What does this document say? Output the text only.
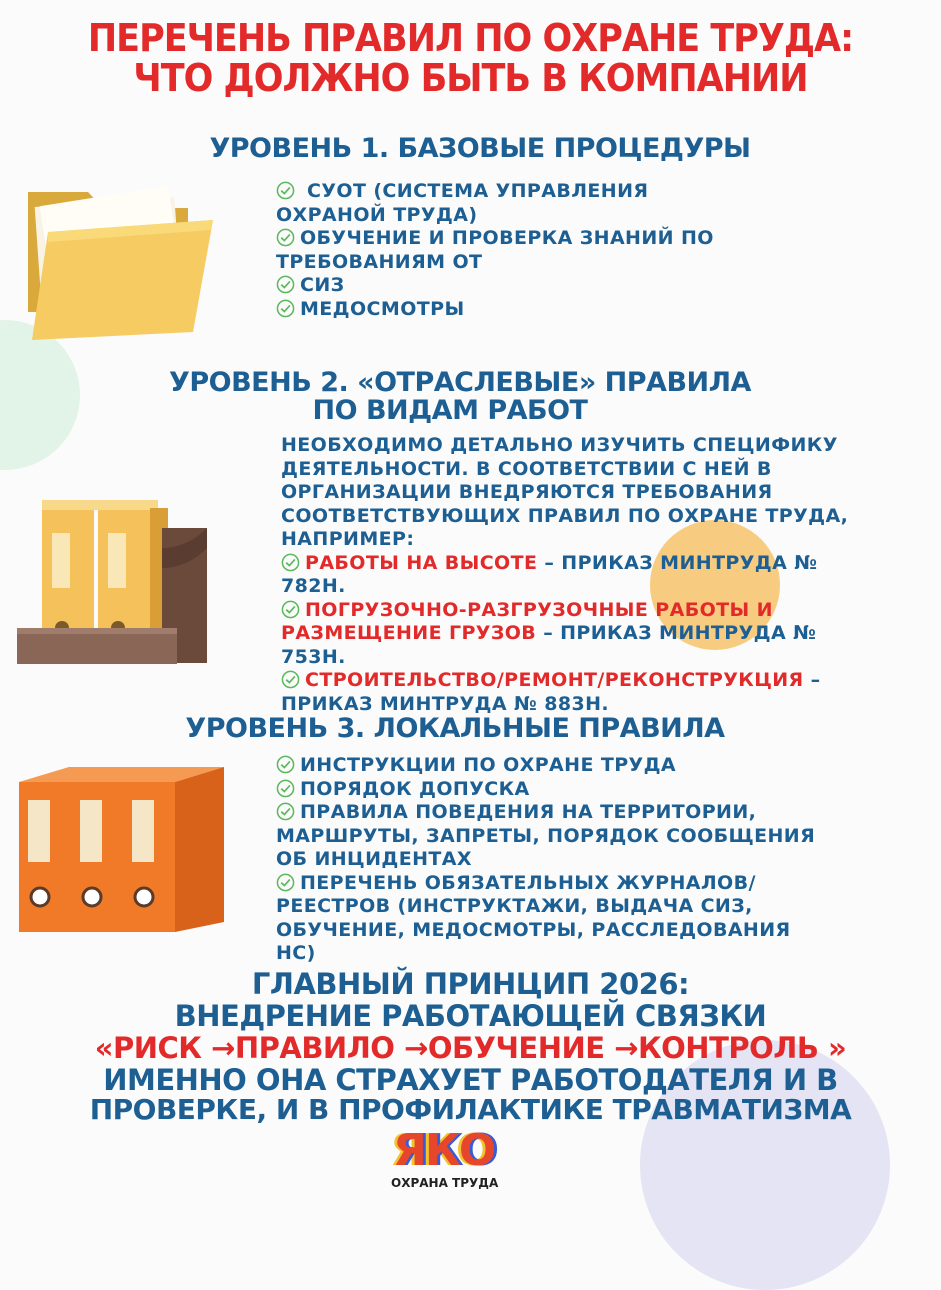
ПЕРЕЧЕНЬ ПРАВИЛ ПО ОХРАНЕ ТРУДА:
ЧТО ДОЛЖНО БЫТЬ В КОМПАНИИ
УРОВЕНЬ 1. БАЗОВЫЕ ПРОЦЕДУРЫ
СУОТ (СИСТЕМА УПРАВЛЕНИЯ
ОХРАНОЙ ТРУДА)
ОБУЧЕНИЕ И ПРОВЕРКА ЗНАНИЙ ПО
ТРЕБОВАНИЯМ ОТ
СИЗ
МЕДОСМОТРЫ
УРОВЕНЬ 2. «ОТРАСЛЕВЫЕ» ПРАВИЛА
ПО ВИДАМ РАБОТ
НЕОБХОДИМО ДЕТАЛЬНО ИЗУЧИТЬ СПЕЦИФИКУ
ДЕЯТЕЛЬНОСТИ. В СООТВЕТСТВИИ С НЕЙ В
ОРГАНИЗАЦИИ ВНЕДРЯЮТСЯ ТРЕБОВАНИЯ
СООТВЕТСТВУЮЩИХ ПРАВИЛ ПО ОХРАНЕ ТРУДА,
НАПРИМЕР:
РАБОТЫ НА ВЫСОТЕ – ПРИКАЗ МИНТРУДА №
782Н.
ПОГРУЗОЧНО-РАЗГРУЗОЧНЫЕ РАБОТЫ И
РАЗМЕЩЕНИЕ ГРУЗОВ – ПРИКАЗ МИНТРУДА №
753Н.
СТРОИТЕЛЬСТВО/РЕМОНТ/РЕКОНСТРУКЦИЯ –
ПРИКАЗ МИНТРУДА № 883Н.
УРОВЕНЬ 3. ЛОКАЛЬНЫЕ ПРАВИЛА
ИНСТРУКЦИИ ПО ОХРАНЕ ТРУДА
ПОРЯДОК ДОПУСКА
ПРАВИЛА ПОВЕДЕНИЯ НА ТЕРРИТОРИИ,
МАРШРУТЫ, ЗАПРЕТЫ, ПОРЯДОК СООБЩЕНИЯ
ОБ ИНЦИДЕНТАХ
ПЕРЕЧЕНЬ ОБЯЗАТЕЛЬНЫХ ЖУРНАЛОВ/
РЕЕСТРОВ (ИНСТРУКТАЖИ, ВЫДАЧА СИЗ,
ОБУЧЕНИЕ, МЕДОСМОТРЫ, РАССЛЕДОВАНИЯ
НС)
ГЛАВНЫЙ ПРИНЦИП 2026:
ВНЕДРЕНИЕ РАБОТАЮЩЕЙ СВЯЗКИ
«РИСК →ПРАВИЛО →ОБУЧЕНИЕ →КОНТРОЛЬ »
ИМЕННО ОНА СТРАХУЕТ РАБОТОДАТЕЛЯ И В
ПРОВЕРКЕ, И В ПРОФИЛАКТИКЕ ТРАВМАТИЗМА
ЯКО
ОХРАНА ТРУДА
